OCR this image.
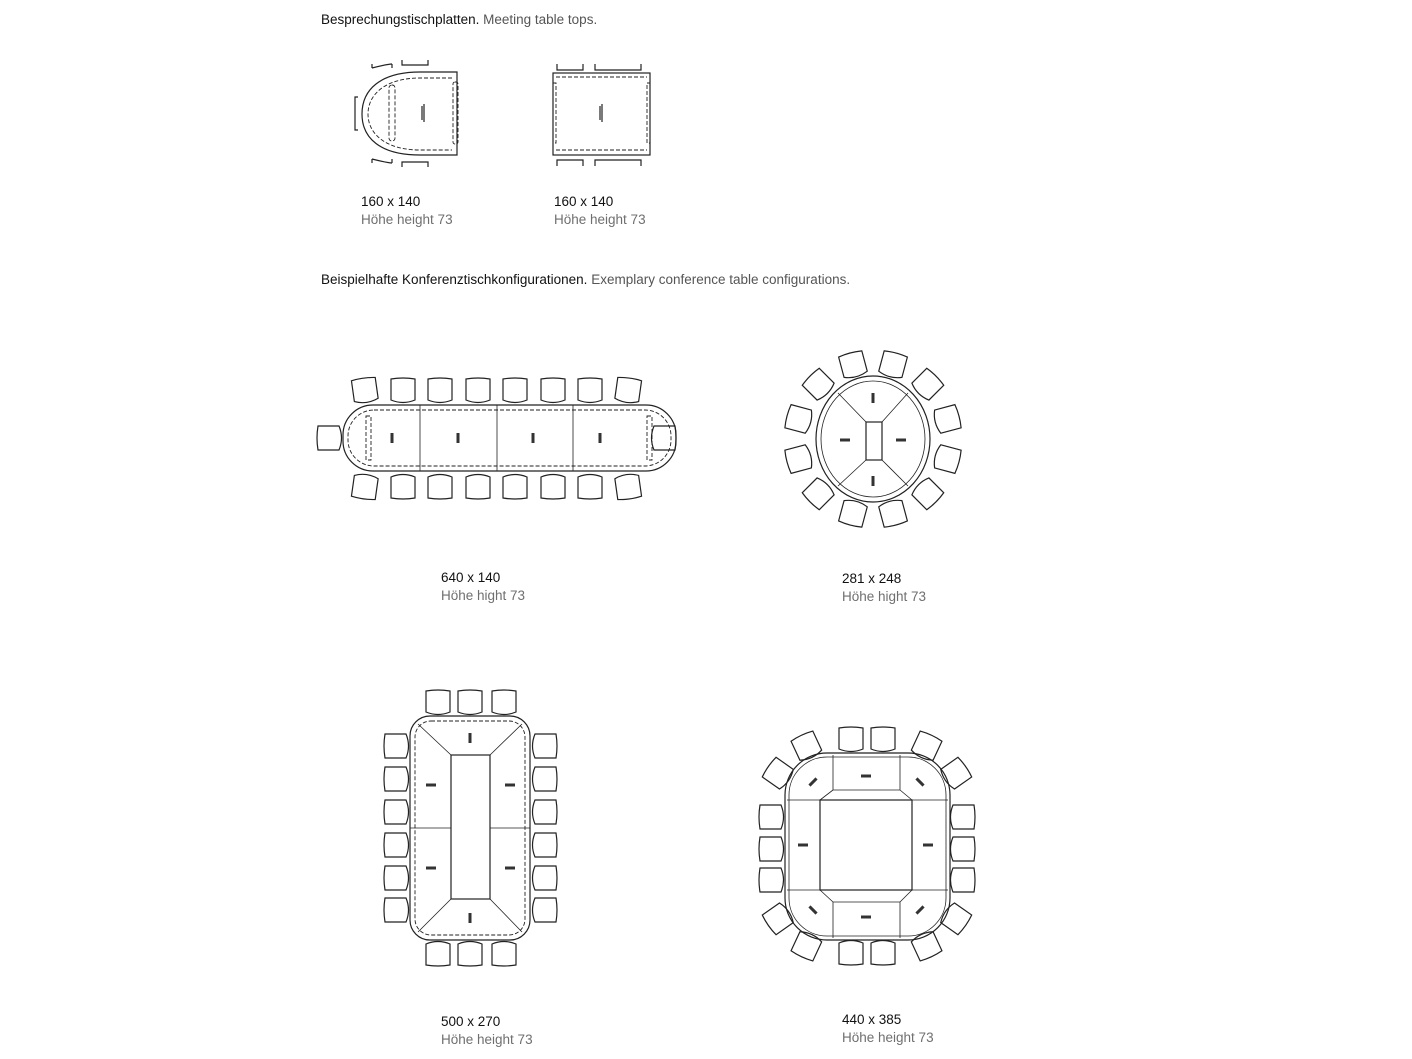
Besprechungstischplatten. Meeting table tops.
160 x 140
Höhe height 73
160 x 140
Höhe height 73
Beispielhafte Konferenztischkonfigurationen. Exemplary conference table configurations.
640 x 140
Höhe hight 73
281 x 248
Höhe hight 73
500 x 270
Höhe height 73
440 x 385
Höhe height 73
